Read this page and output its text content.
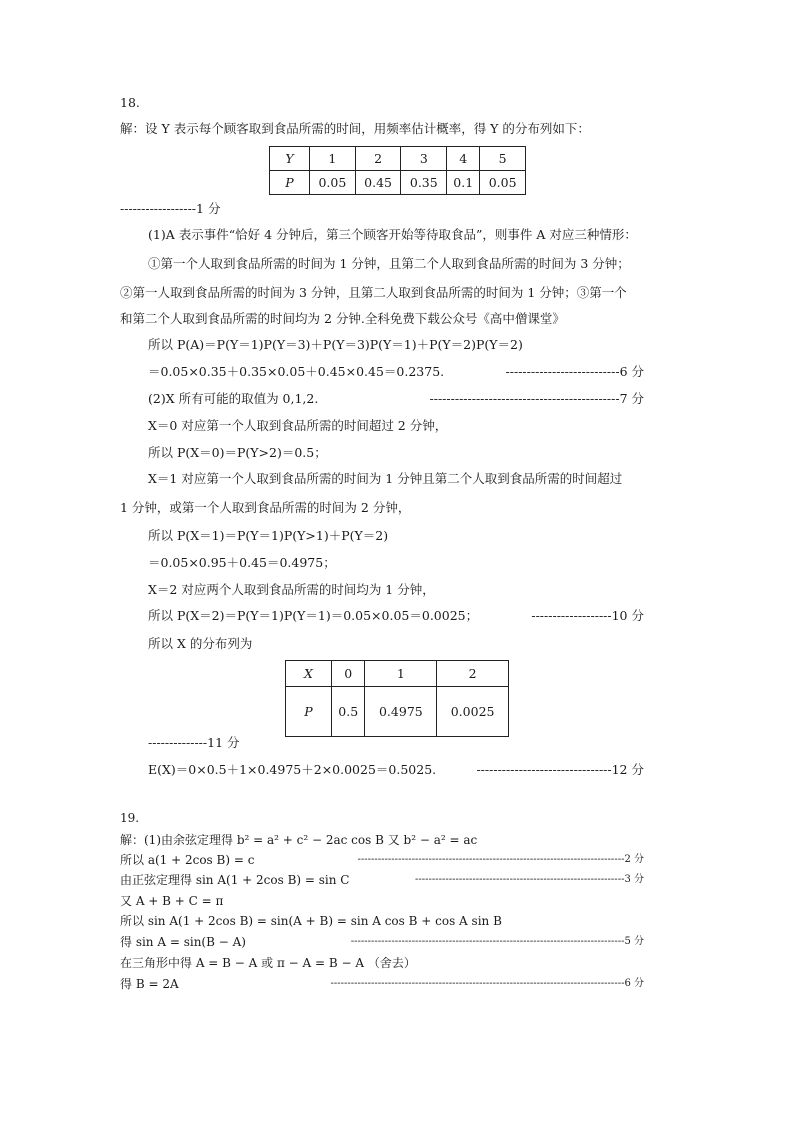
18.
解：设 Y 表示每个顾客取到食品所需的时间，用频率估计概率，得 Y 的分布列如下：
Y	1	2	3	4	5
P	0.05	0.45	0.35	0.1	0.05
------------------1 分
(1)A 表示事件“恰好 4 分钟后，第三个顾客开始等待取食品”，则事件 A 对应三种情形：
①第一个人取到食品所需的时间为 1 分钟，且第二个人取到食品所需的时间为 3 分钟；
②第一人取到食品所需的时间为 3 分钟，且第二人取到食品所需的时间为 1 分钟；③第一个
和第二个人取到食品所需的时间均为 2 分钟.全科免费下载公众号《高中僧课堂》
所以 P(A)＝P(Y＝1)P(Y＝3)＋P(Y＝3)P(Y＝1)＋P(Y＝2)P(Y＝2)
＝0.05×0.35＋0.35×0.05＋0.45×0.45＝0.2375.	---------------------------6 分
(2)X 所有可能的取值为 0,1,2.	---------------------------------------------7 分
X＝0 对应第一个人取到食品所需的时间超过 2 分钟，
所以 P(X＝0)＝P(Y>2)＝0.5；
X＝1 对应第一个人取到食品所需的时间为 1 分钟且第二个人取到食品所需的时间超过
1 分钟，或第一个人取到食品所需的时间为 2 分钟，
所以 P(X＝1)＝P(Y＝1)P(Y>1)＋P(Y＝2)
＝0.05×0.95＋0.45＝0.4975；
X＝2 对应两个人取到食品所需的时间均为 1 分钟，
所以 P(X＝2)＝P(Y＝1)P(Y＝1)＝0.05×0.05＝0.0025；	-------------------10 分
所以 X 的分布列为
X	0	1	2
P	0.5	0.4975	0.0025
--------------11 分
E(X)＝0×0.5＋1×0.4975＋2×0.0025＝0.5025.	--------------------------------12 分
19.
解：(1)由余弦定理得 b² = a² + c² − 2ac cos B 又 b² − a² = ac
所以 a(1 + 2cos B) = c	-------------------------------------------------------------------------------2 分
由正弦定理得 sin A(1 + 2cos B) = sin C	--------------------------------------------------------------3 分
又 A + B + C = π
所以 sin A(1 + 2cos B) = sin(A + B) = sin A cos B + cos A sin B
得 sin A = sin(B − A)	---------------------------------------------------------------------------------5 分
在三角形中得 A = B − A 或 π − A = B − A （舍去）
得 B = 2A	---------------------------------------------------------------------------------------6 分
